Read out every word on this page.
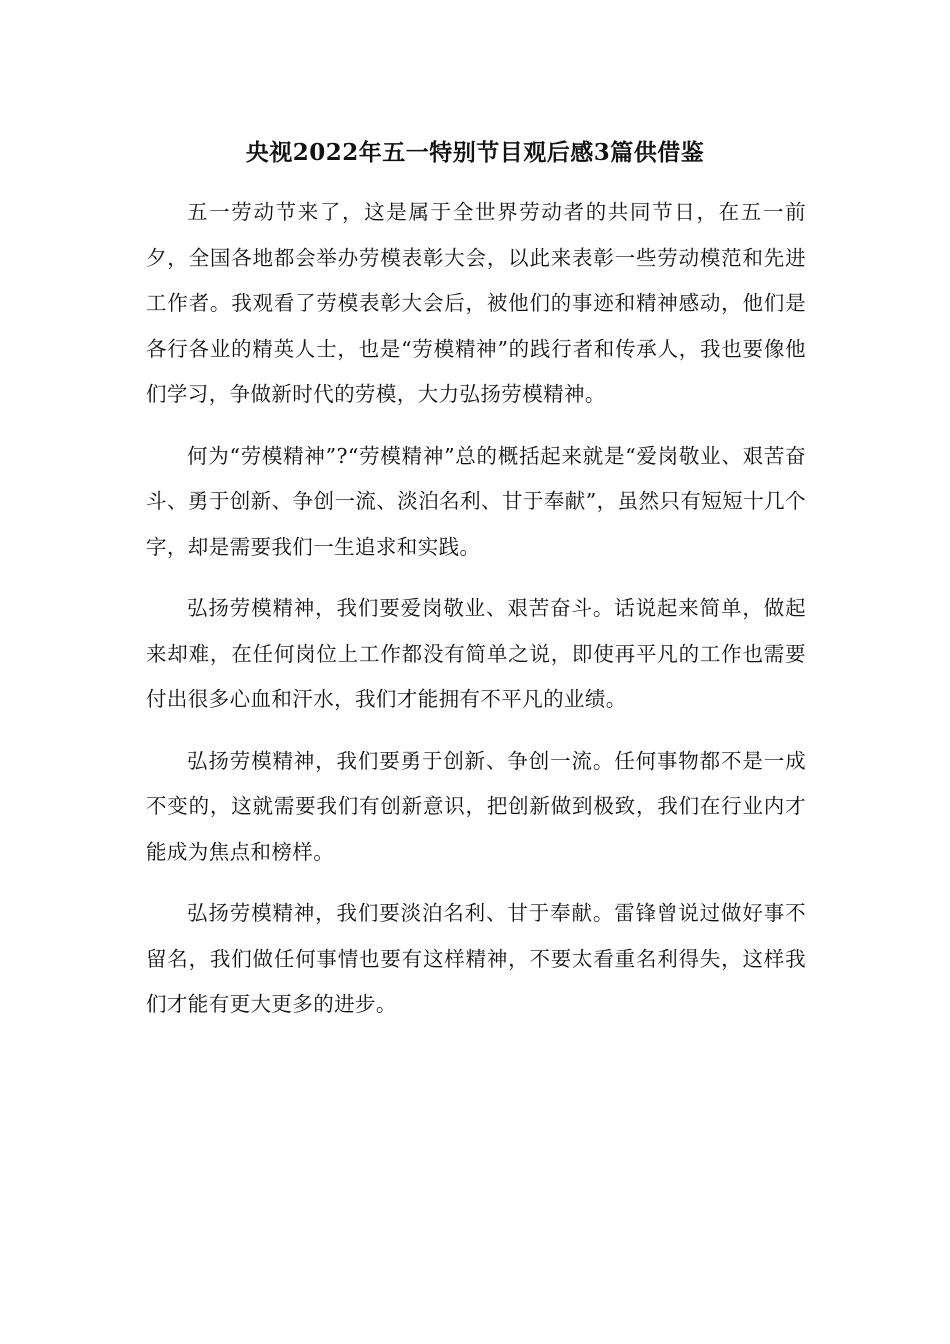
央视2022年五一特别节目观后感3篇供借鉴

五一劳动节来了，这是属于全世界劳动者的共同节日，在五一前夕，全国各地都会举办劳模表彰大会，以此来表彰一些劳动模范和先进工作者。我观看了劳模表彰大会后，被他们的事迹和精神感动，他们是各行各业的精英人士，也是“劳模精神”的践行者和传承人，我也要像他们学习，争做新时代的劳模，大力弘扬劳模精神。

何为“劳模精神”?“劳模精神”总的概括起来就是“爱岗敬业、艰苦奋斗、勇于创新、争创一流、淡泊名利、甘于奉献”，虽然只有短短十几个字，却是需要我们一生追求和实践。

弘扬劳模精神，我们要爱岗敬业、艰苦奋斗。话说起来简单，做起来却难，在任何岗位上工作都没有简单之说，即使再平凡的工作也需要付出很多心血和汗水，我们才能拥有不平凡的业绩。

弘扬劳模精神，我们要勇于创新、争创一流。任何事物都不是一成不变的，这就需要我们有创新意识，把创新做到极致，我们在行业内才能成为焦点和榜样。

弘扬劳模精神，我们要淡泊名利、甘于奉献。雷锋曾说过做好事不留名，我们做任何事情也要有这样精神，不要太看重名利得失，这样我们才能有更大更多的进步。
